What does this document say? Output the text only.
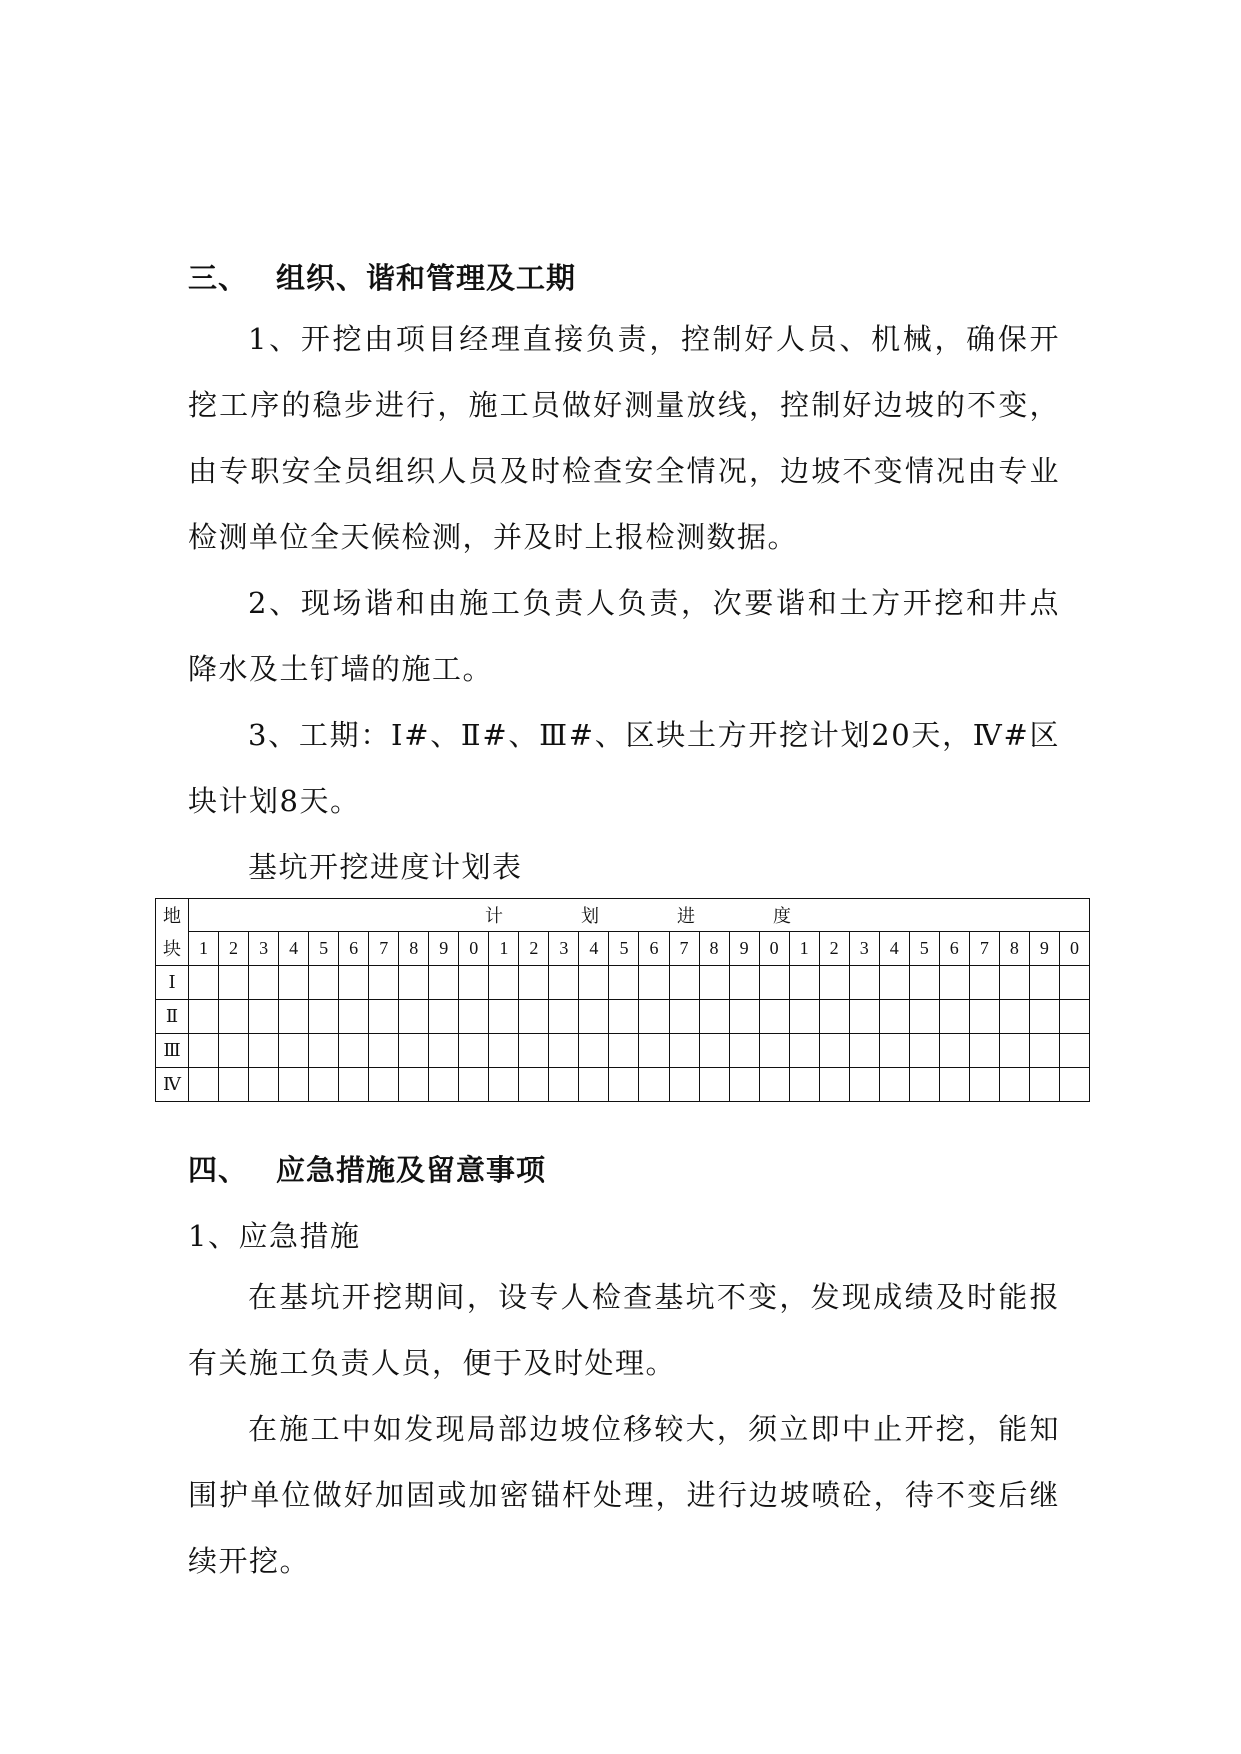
三、 组织、谐和管理及工期
1、开挖由项目经理直接负责，控制好人员、机械，确保开挖工序的稳步进行，施工员做好测量放线，控制好边坡的不变，由专职安全员组织人员及时检查安全情况，边坡不变情况由专业检测单位全天候检测，并及时上报检测数据。
2、现场谐和由施工负责人负责，次要谐和土方开挖和井点降水及土钉墙的施工。
3、工期：Ⅰ#、Ⅱ#、Ⅲ#、区块土方开挖计划20天，Ⅳ#区块计划8天。
基坑开挖进度计划表
地	计 划 进 度																													
块	1	2	3	4	5	6	7	8	9	0	1	2	3	4	5	6	7	8	9	0	1	2	3	4	5	6	7	8	9	0
Ⅰ																														
Ⅱ																														
Ⅲ																														
Ⅳ																														
四、 应急措施及留意事项
1、应急措施
在基坑开挖期间，设专人检查基坑不变，发现成绩及时能报有关施工负责人员，便于及时处理。
在施工中如发现局部边坡位移较大，须立即中止开挖，能知围护单位做好加固或加密锚杆处理，进行边坡喷砼，待不变后继续开挖。
